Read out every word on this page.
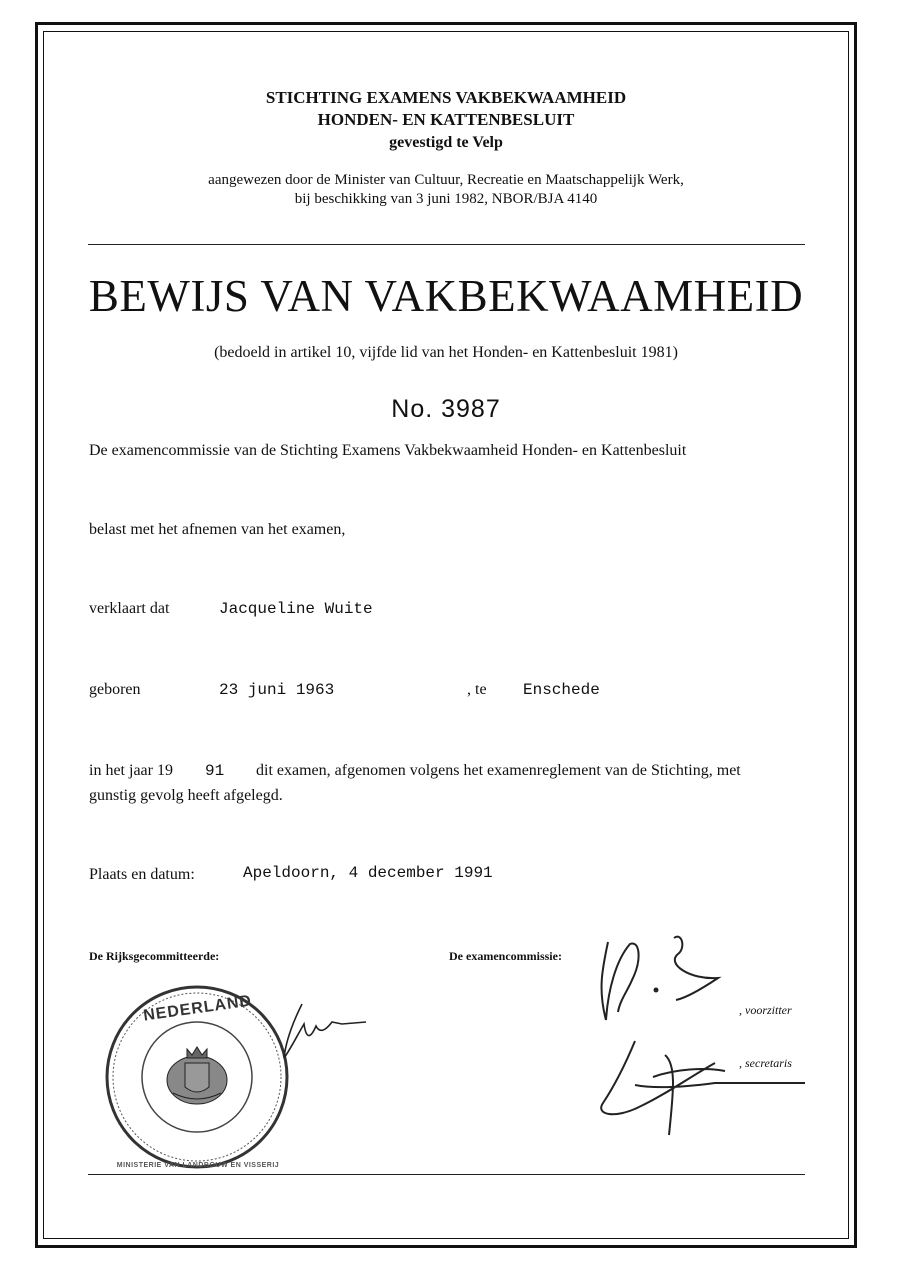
STICHTING EXAMENS VAKBEKWAAMHEID
HONDEN- EN KATTENBESLUIT
gevestigd te Velp
aangewezen door de Minister van Cultuur, Recreatie en Maatschappelijk Werk,
bij beschikking van 3 juni 1982, NBOR/BJA 4140
BEWIJS VAN VAKBEKWAAMHEID
(bedoeld in artikel 10, vijfde lid van het Honden- en Kattenbesluit 1981)
No. 3987
De examencommissie van de Stichting Examens Vakbekwaamheid Honden- en Kattenbesluit
belast met het afnemen van het examen,
verklaart dat	Jacqueline Wuite
geboren	23 juni 1963	, te Enschede
in het jaar 19 91 dit examen, afgenomen volgens het examenreglement van de Stichting, met
gunstig gevolg heeft afgelegd.
Plaats en datum:	Apeldoorn, 4 december 1991
De Rijksgecommitteerde:	De examencommissie:
, voorzitter
, secretaris
NEDERLAND
MINISTERIE VAN LANDBOUW EN VISSERIJ
